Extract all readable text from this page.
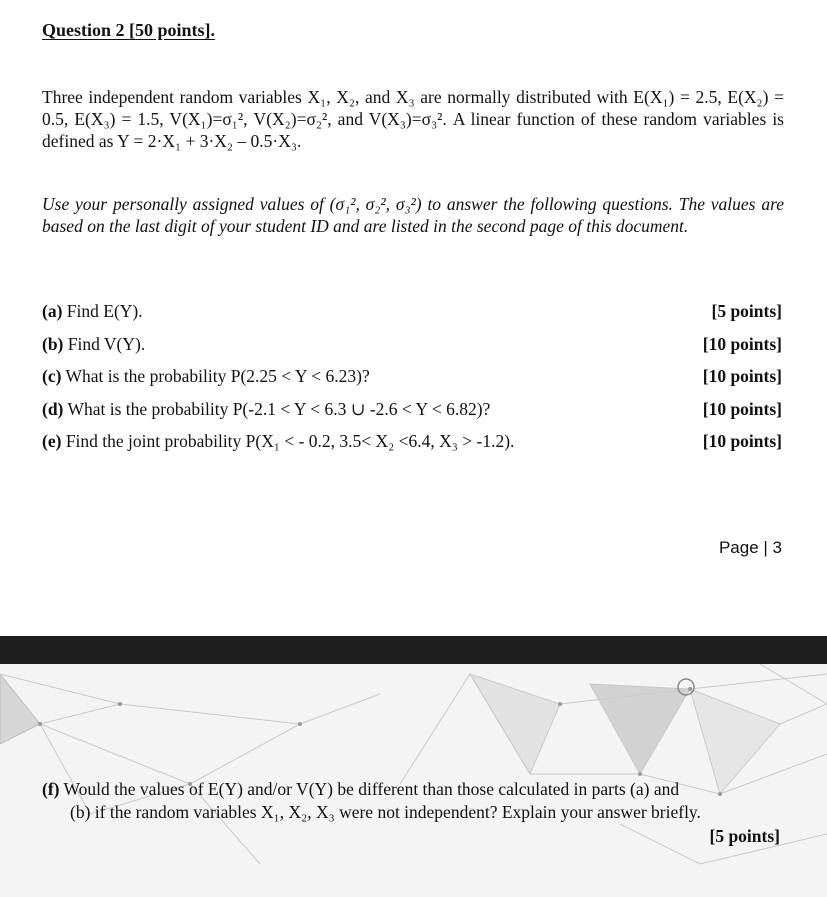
Question 2 [50 points].
Three independent random variables X₁, X₂, and X₃ are normally distributed with E(X₁) = 2.5, E(X₂) = 0.5, E(X₃) = 1.5, V(X₁)=σ₁², V(X₂)=σ₂², and V(X₃)=σ₃². A linear function of these random variables is defined as Y = 2·X₁ + 3·X₂ – 0.5·X₃.
Use your personally assigned values of (σ₁², σ₂², σ₃²) to answer the following questions. The values are based on the last digit of your student ID and are listed in the second page of this document.
(a) Find E(Y).	[5 points]
(b) Find V(Y).	[10 points]
(c) What is the probability P(2.25 < Y < 6.23)?	[10 points]
(d) What is the probability P(-2.1 < Y < 6.3 ∪ -2.6 < Y < 6.82)?	[10 points]
(e) Find the joint probability P(X₁ < - 0.2, 3.5< X₂ <6.4, X₃ > -1.2).	[10 points]
Page | 3
(f) Would the values of E(Y) and/or V(Y) be different than those calculated in parts (a) and
(b) if the random variables X₁, X₂, X₃ were not independent? Explain your answer briefly.
[5 points]
